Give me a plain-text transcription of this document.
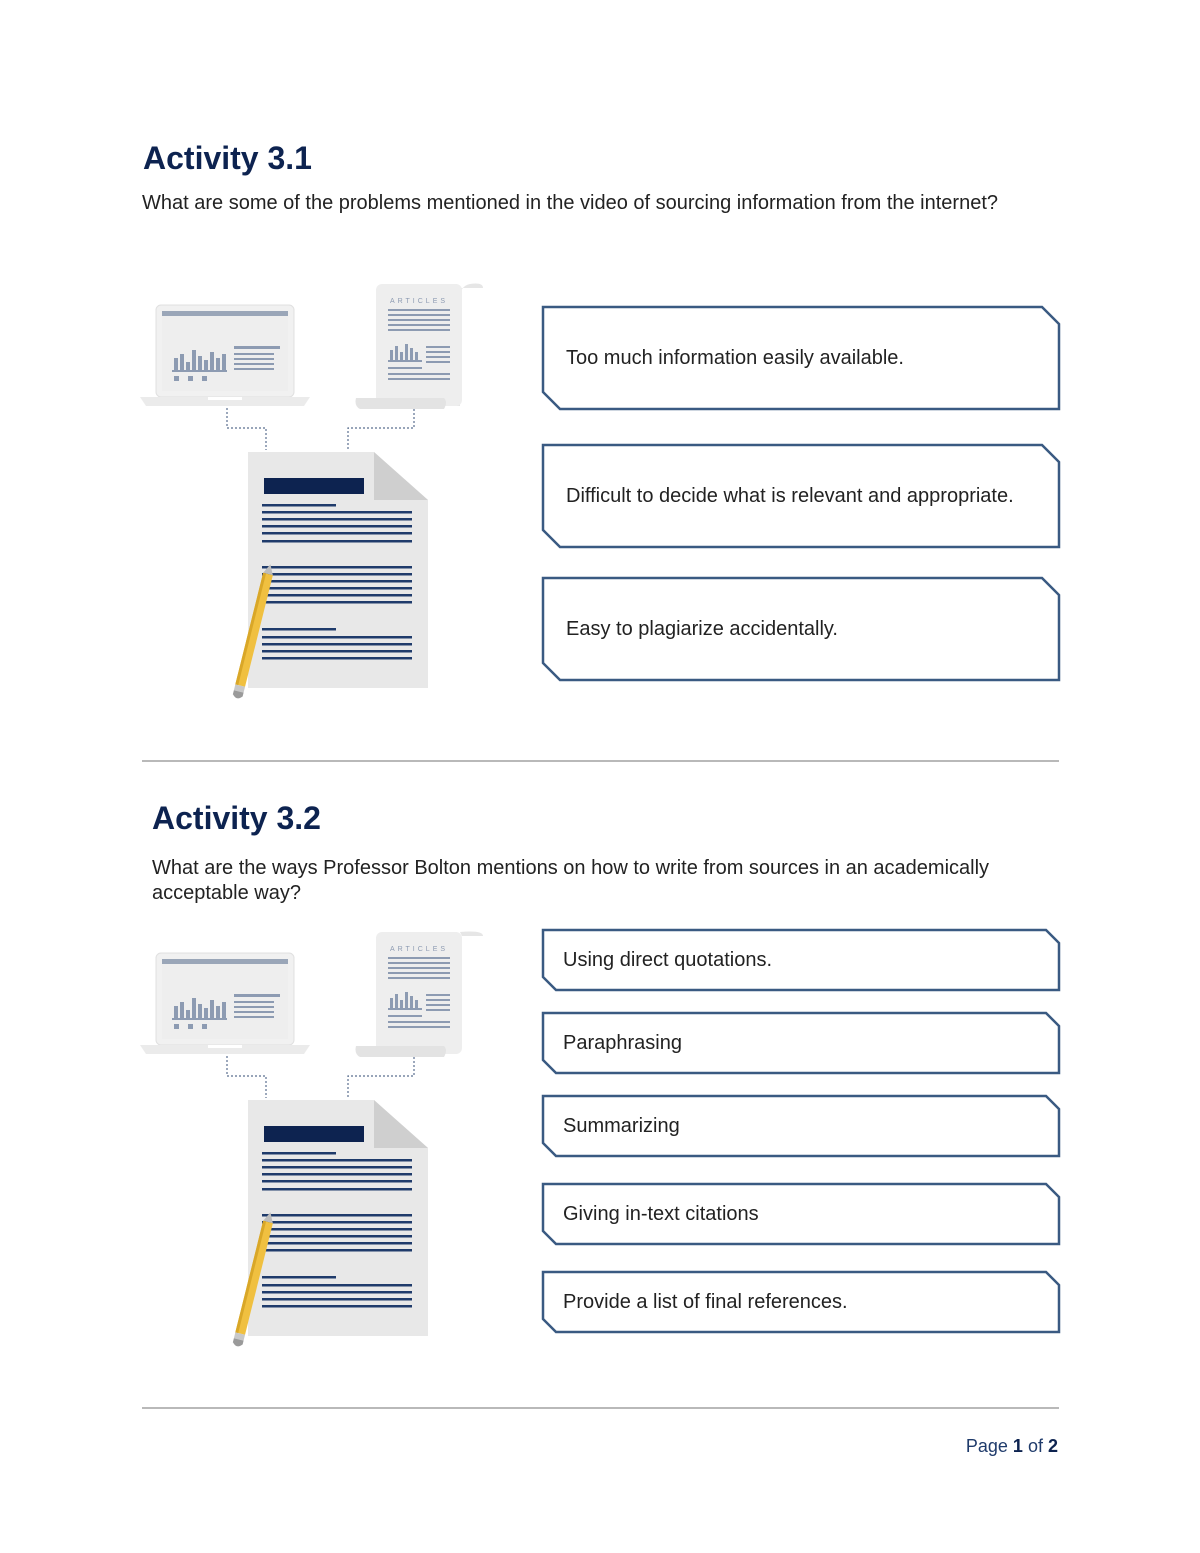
Activity 3.1

What are some of the problems mentioned in the video of sourcing information from the internet?

ARTICLES
Too much information easily available.
Difficult to decide what is relevant and appropriate.
Easy to plagiarize accidentally.
Activity 3.2

What are the ways Professor Bolton mentions on how to write from sources in an academically acceptable way?

ARTICLES	Using direct quotations.
Paraphrasing
Summarizing
Giving in-text citations
Provide a list of final references.
Page 1 of 2
